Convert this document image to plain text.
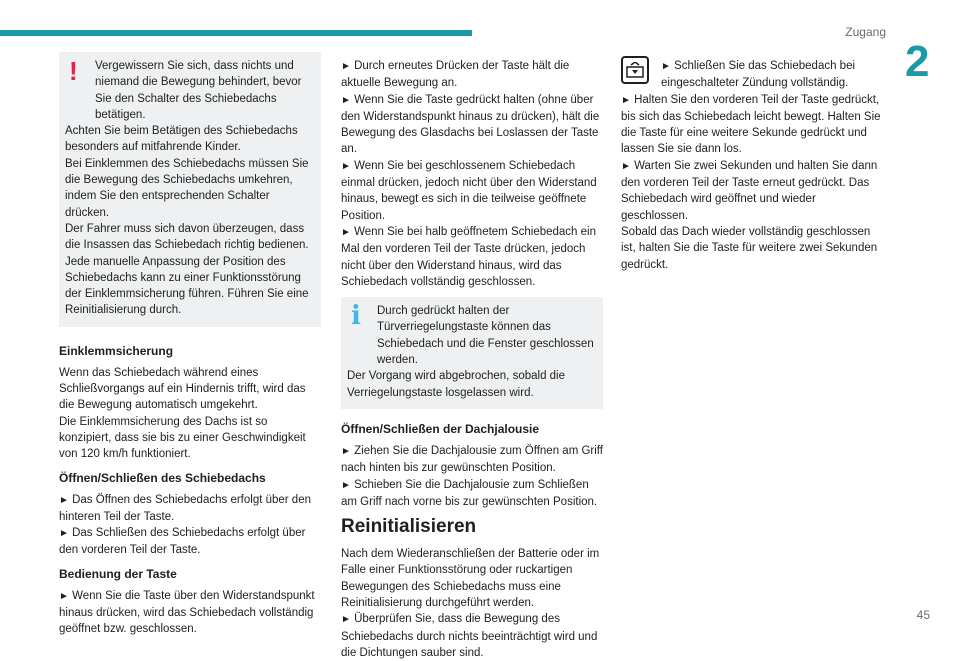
Zugang
2
45
! Vergewissern Sie sich, dass nichts und niemand die Bewegung behindert, bevor Sie den Schalter des Schiebedachs betätigen.

Achten Sie beim Betätigen des Schiebedachs besonders auf mitfahrende Kinder.

Bei Einklemmen des Schiebedachs müssen Sie die Bewegung des Schiebedachs umkehren, indem Sie den entsprechenden Schalter drücken.

Der Fahrer muss sich davon überzeugen, dass die Insassen das Schiebedach richtig bedienen.

Jede manuelle Anpassung der Position des Schiebedachs kann zu einer Funktionsstörung der Einklemmsicherung führen. Führen Sie eine Reinitialisierung durch.

Einklemmsicherung

Wenn das Schiebedach während eines Schließvorgangs auf ein Hindernis trifft, wird das die Bewegung automatisch umgekehrt.

Die Einklemmsicherung des Dachs ist so konzipiert, dass sie bis zu einer Geschwindigkeit von 120 km/h funktioniert.

Öffnen/Schließen des Schiebedachs

► Das Öffnen des Schiebedachs erfolgt über den hinteren Teil der Taste.

► Das Schließen des Schiebedachs erfolgt über den vorderen Teil der Taste.

Bedienung der Taste

► Wenn Sie die Taste über den Widerstandspunkt hinaus drücken, wird das Schiebedach vollständig geöffnet bzw. geschlossen.

► Durch erneutes Drücken der Taste hält die aktuelle Bewegung an.

► Wenn Sie die Taste gedrückt halten (ohne über den Widerstandspunkt hinaus zu drücken), hält die Bewegung des Glasdachs bei Loslassen der Taste an.

► Wenn Sie bei geschlossenem Schiebedach einmal drücken, jedoch nicht über den Widerstand hinaus, bewegt es sich in die teilweise geöffnete Position.

► Wenn Sie bei halb geöffnetem Schiebedach ein Mal den vorderen Teil der Taste drücken, jedoch nicht über den Widerstand hinaus, wird das Schiebedach vollständig geschlossen.

i Durch gedrückt halten der Türverriegelungstaste können das Schiebedach und die Fenster geschlossen werden.

Der Vorgang wird abgebrochen, sobald die Verriegelungstaste losgelassen wird.

Öffnen/Schließen der Dachjalousie

► Ziehen Sie die Dachjalousie zum Öffnen am Griff nach hinten bis zur gewünschten Position.

► Schieben Sie die Dachjalousie zum Schließen am Griff nach vorne bis zur gewünschten Position.

Reinitialisieren

Nach dem Wiederanschließen der Batterie oder im Falle einer Funktionsstörung oder ruckartigen Bewegungen des Schiebedachs muss eine Reinitialisierung durchgeführt werden.

► Überprüfen Sie, dass die Bewegung des Schiebedachs durch nichts beeinträchtigt wird und die Dichtungen sauber sind.

► Schließen Sie das Schiebedach bei eingeschalteter Zündung vollständig.

► Halten Sie den vorderen Teil der Taste gedrückt, bis sich das Schiebedach leicht bewegt. Halten Sie die Taste für eine weitere Sekunde gedrückt und lassen Sie sie dann los.

► Warten Sie zwei Sekunden und halten Sie dann den vorderen Teil der Taste erneut gedrückt. Das Schiebedach wird geöffnet und wieder geschlossen.

Sobald das Dach wieder vollständig geschlossen ist, halten Sie die Taste für weitere zwei Sekunden gedrückt.
